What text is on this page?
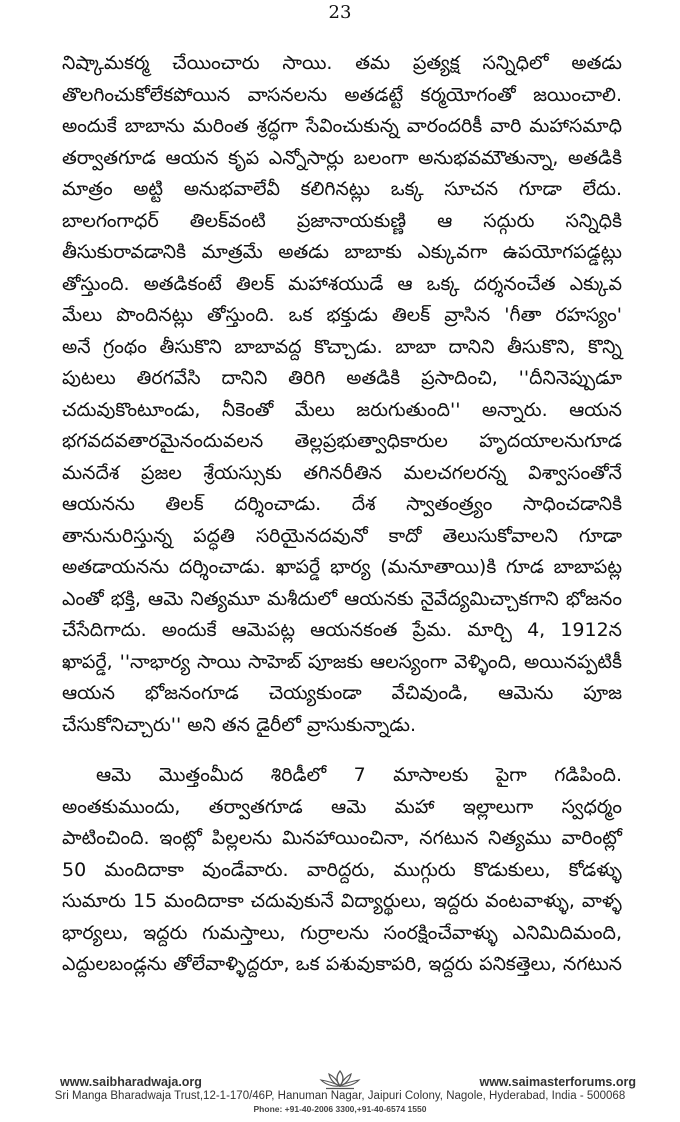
23

నిష్కామకర్మ చేయించారు సాయి. తమ ప్రత్యక్ష సన్నిధిలో అతడు
తొలగించుకోలేకపోయిన వాసనలను అతడట్టే కర్మయోగంతో జయించాలి.
అందుకే బాబాను మరింత శ్రద్ధగా సేవించుకున్న వారందరికీ వారి మహాసమాధి
తర్వాతగూడ ఆయన కృప ఎన్నోసార్లు బలంగా అనుభవమౌతున్నా, అతడికి
మాత్రం అట్టి అనుభవాలేవీ కలిగినట్లు ఒక్క సూచన గూడా లేదు.
బాలగంగాధర్ తిలక్‌వంటి ప్రజానాయకుణ్ణి ఆ సద్గురు సన్నిధికి
తీసుకురావడానికి మాత్రమే అతడు బాబాకు ఎక్కువగా ఉపయోగపడ్డట్లు
తోస్తుంది. అతడికంటే తిలక్ మహాశయుడే ఆ ఒక్క దర్శనంచేత ఎక్కువ
మేలు పొందినట్లు తోస్తుంది. ఒక భక్తుడు తిలక్ వ్రాసిన 'గీతా రహస్యం'
అనే గ్రంథం తీసుకొని బాబావద్ద కొచ్చాడు. బాబా దానిని తీసుకొని, కొన్ని
పుటలు తిరగవేసి దానిని తిరిగి అతడికి ప్రసాదించి, ''దీనినెప్పుడూ
చదువుకొంటూండు, నీకెంతో మేలు జరుగుతుంది'' అన్నారు. ఆయన
భగవదవతారమైనందువలన తెల్లప్రభుత్వాధికారుల హృదయాలనుగూడ
మనదేశ ప్రజల శ్రేయస్సుకు తగినరీతిన మలచగలరన్న విశ్వాసంతోనే
ఆయనను తిలక్ దర్శించాడు. దేశ స్వాతంత్ర్యం సాధించడానికి
తానునురిస్తున్న పద్ధతి సరియైనదవునో కాదో తెలుసుకోవాలని గూడా
అతడాయనను దర్శించాడు. ఖాపర్డే భార్య (మనూతాయి)కి గూడ బాబాపట్ల
ఎంతో భక్తి, ఆమె నిత్యమూ మశీదులో ఆయనకు నైవేద్యమిచ్చాకగాని భోజనం
చేసేదిగాదు. అందుకే ఆమెపట్ల ఆయనకంత ప్రేమ. మార్చి 4, 1912న
ఖాపర్డే, ''నాభార్య సాయి సాహెబ్ పూజకు ఆలస్యంగా వెళ్ళింది, అయినప్పటికీ
ఆయన భోజనంగూడ చెయ్యకుండా వేచివుండి, ఆమెను పూజ
చేసుకోనిచ్చారు'' అని తన డైరీలో వ్రాసుకున్నాడు.

ఆమె మొత్తంమీద శిరిడీలో 7 మాసాలకు పైగా గడిపింది.
అంతకుముందు, తర్వాతగూడ ఆమె మహా ఇల్లాలుగా స్వధర్మం
పాటించింది. ఇంట్లో పిల్లలను మినహాయించినా, నగటున నిత్యము వారింట్లో
50 మందిదాకా వుండేవారు. వారిద్దరు, ముగ్గురు కొడుకులు, కోడళ్ళు
సుమారు 15 మందిదాకా చదువుకునే విద్యార్థులు, ఇద్దరు వంటవాళ్ళు, వాళ్ళ
భార్యలు, ఇద్దరు గుమస్తాలు, గుర్రాలను సంరక్షించేవాళ్ళు ఎనిమిదిమంది,
ఎద్దులబండ్లను తోలేవాళ్ళిద్దరూ, ఒక పశువుకాపరి, ఇద్దరు పనికత్తెలు, నగటున

www.saibharadwaja.org	www.saimasterforums.org
Sri Manga Bharadwaja Trust,12-1-170/46P, Hanuman Nagar, Jaipuri Colony, Nagole, Hyderabad, India - 500068
Phone: +91-40-2006 3300,+91-40-6574 1550
